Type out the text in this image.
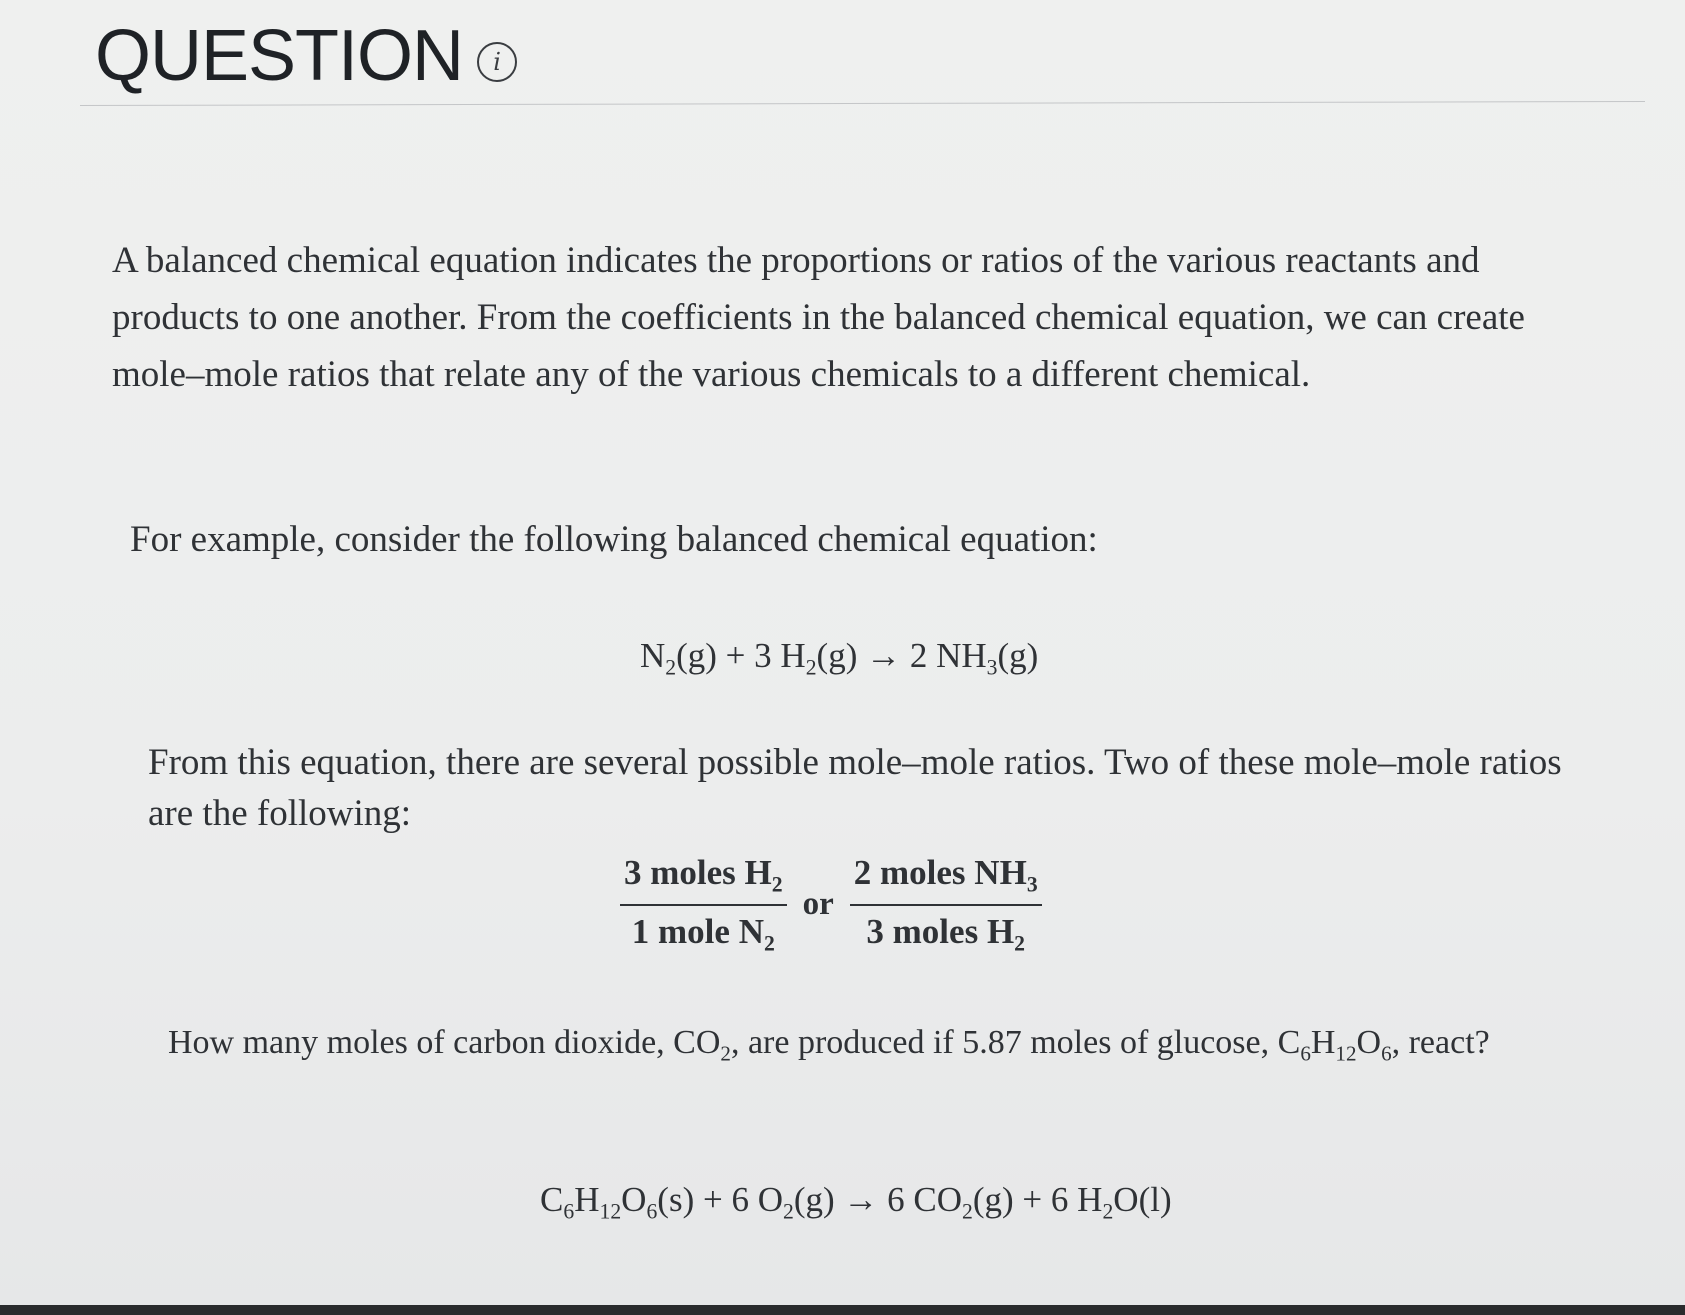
QUESTION	i
A balanced chemical equation indicates the proportions or ratios of the various reactants and products to one another. From the coefficients in the balanced chemical equation, we can create mole–mole ratios that relate any of the various chemicals to a different chemical.
For example, consider the following balanced chemical equation:
$N_2(g) + 3$ $H_2(g) \to 2$ $NH_3(g)$
From this equation, there are several possible mole–mole ratios. Two of these mole–mole ratios are the following:
$\frac{3 moles H_2}{1 mole N_2}$ or $\frac{2 moles NH_3}{3 moles H_2}$
How many moles of carbon dioxide, $CO_2$, are produced if 5.87 moles of glucose, $C_6H_{12}O_6$, react?
$C_6H_{12}O_6(s) + 6$ $O_2(g) \to 6$ $CO_2(g) + 6$ $H_2O(l)$
